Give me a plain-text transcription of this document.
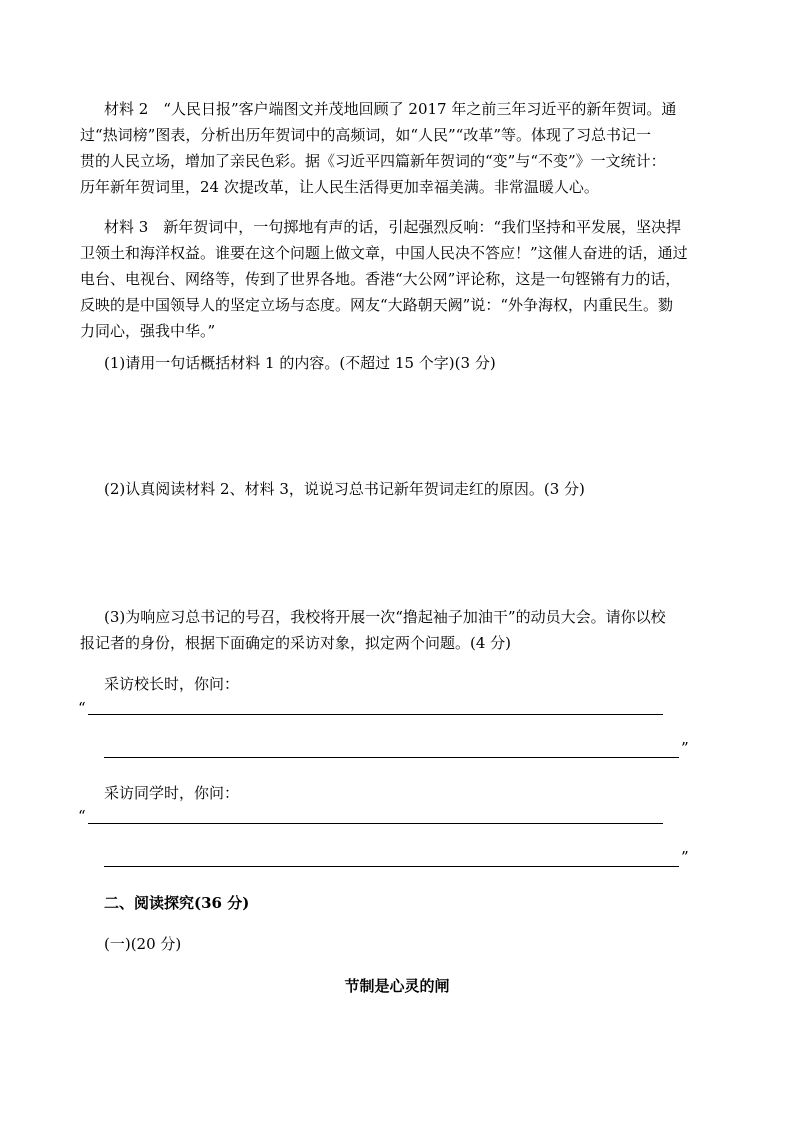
材料 2　“人民日报”客户端图文并茂地回顾了 2017 年之前三年习近平的新年贺词。通
过“热词榜”图表，分析出历年贺词中的高频词，如“人民”“改革”等。体现了习总书记一
贯的人民立场，增加了亲民色彩。据《习近平四篇新年贺词的“变”与“不变”》一文统计：
历年新年贺词里，24 次提改革，让人民生活得更加幸福美满。非常温暖人心。
材料 3　新年贺词中，一句掷地有声的话，引起强烈反响：“我们坚持和平发展，坚决捍
卫领土和海洋权益。谁要在这个问题上做文章，中国人民决不答应！”这催人奋进的话，通过
电台、电视台、网络等，传到了世界各地。香港“大公网”评论称，这是一句铿锵有力的话，
反映的是中国领导人的坚定立场与态度。网友“大路朝天阙”说：“外争海权，内重民生。勠
力同心，强我中华。”
(1)请用一句话概括材料 1 的内容。(不超过 15 个字)(3 分)
(2)认真阅读材料 2、材料 3，说说习总书记新年贺词走红的原因。(3 分)
(3)为响应习总书记的号召，我校将开展一次“撸起袖子加油干”的动员大会。请你以校
报记者的身份，根据下面确定的采访对象，拟定两个问题。(4 分)
采访校长时，你问：
“
”
采访同学时，你问：
“
”
二、阅读探究(36 分)
(一)(20 分)
节制是心灵的闸
